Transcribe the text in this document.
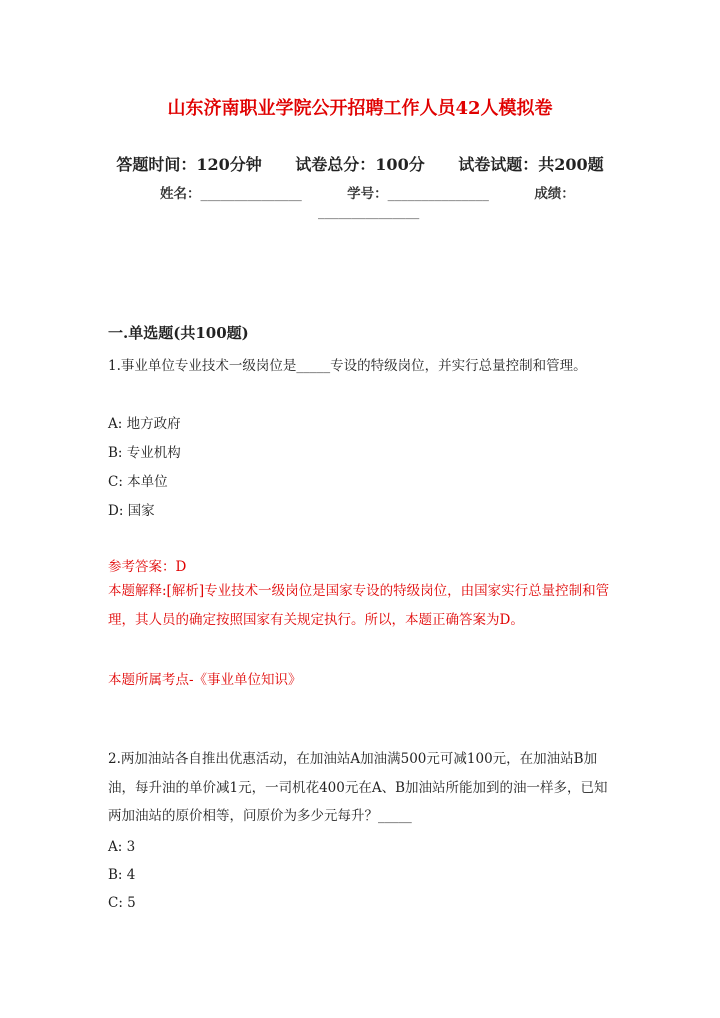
山东济南职业学院公开招聘工作人员42人模拟卷
答题时间：120分钟 试卷总分：100分 试卷试题：共200题
姓名：_______________	学号：_______________	成绩：
_______________
一.单选题(共100题)
1.事业单位专业技术一级岗位是_____专设的特级岗位，并实行总量控制和管理。
A: 地方政府
B: 专业机构
C: 本单位
D: 国家
参考答案：D
本题解释:[解析]专业技术一级岗位是国家专设的特级岗位，由国家实行总量控制和管理，其人员的确定按照国家有关规定执行。所以，本题正确答案为D。
本题所属考点-《事业单位知识》
2.两加油站各自推出优惠活动，在加油站A加油满500元可减100元，在加油站B加油，每升油的单价减1元，一司机花400元在A、B加油站所能加到的油一样多，已知两加油站的原价相等，问原价为多少元每升？_____
A: 3
B: 4
C: 5
